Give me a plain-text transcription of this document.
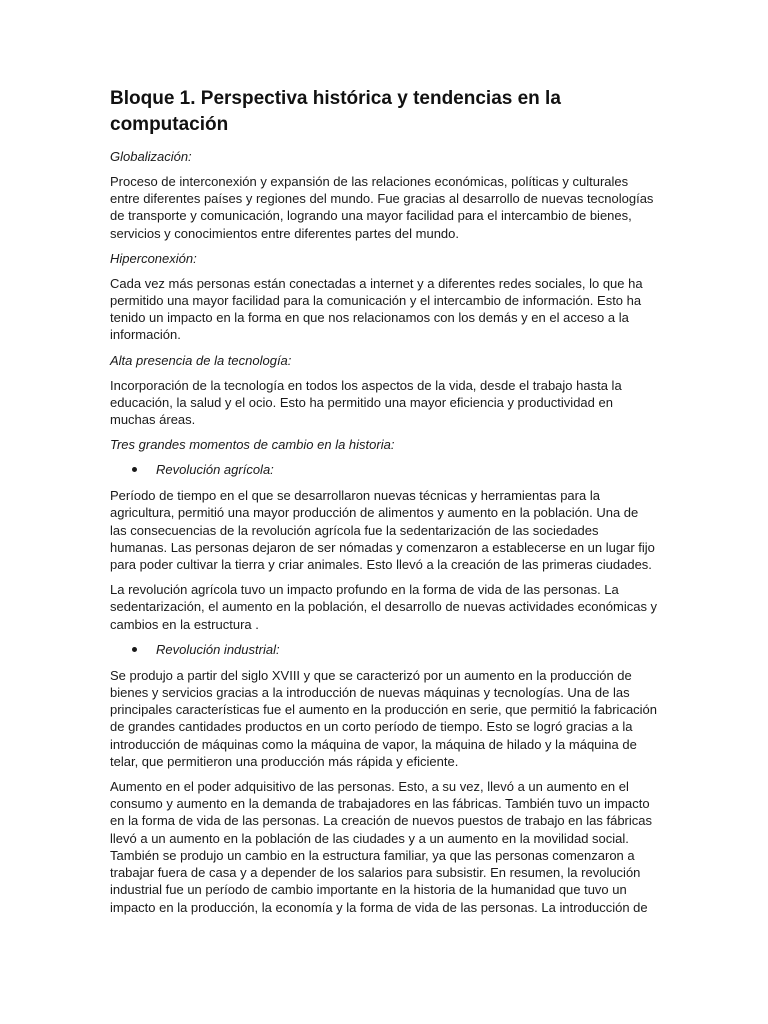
Bloque 1. Perspectiva histórica y tendencias en la computación

Globalización:

Proceso de interconexión y expansión de las relaciones económicas, políticas y culturales entre diferentes países y regiones del mundo. Fue gracias al desarrollo de nuevas tecnologías de transporte y comunicación, logrando una mayor facilidad para el intercambio de bienes, servicios y conocimientos entre diferentes partes del mundo.

Hiperconexión:

Cada vez más personas están conectadas a internet y a diferentes redes sociales, lo que ha permitido una mayor facilidad para la comunicación y el intercambio de información. Esto ha tenido un impacto en la forma en que nos relacionamos con los demás y en el acceso a la información.

Alta presencia de la tecnología:

Incorporación de la tecnología en todos los aspectos de la vida, desde el trabajo hasta la educación, la salud y el ocio. Esto ha permitido una mayor eficiencia y productividad en muchas áreas.

Tres grandes momentos de cambio en la historia:

Revolución agrícola:

Período de tiempo en el que se desarrollaron nuevas técnicas y herramientas para la agricultura, permitió una mayor producción de alimentos y aumento en la población. Una de las consecuencias de la revolución agrícola fue la sedentarización de las sociedades humanas. Las personas dejaron de ser nómadas y comenzaron a establecerse en un lugar fijo para poder cultivar la tierra y criar animales. Esto llevó a la creación de las primeras ciudades.

La revolución agrícola tuvo un impacto profundo en la forma de vida de las personas. La sedentarización, el aumento en la población, el desarrollo de nuevas actividades económicas y cambios en la estructura .

Revolución industrial:

Se produjo a partir del siglo XVIII y que se caracterizó por un aumento en la producción de bienes y servicios gracias a la introducción de nuevas máquinas y tecnologías. Una de las principales características fue el aumento en la producción en serie, que permitió la fabricación de grandes cantidades productos en un corto período de tiempo. Esto se logró gracias a la introducción de máquinas como la máquina de vapor, la máquina de hilado y la máquina de telar, que permitieron una producción más rápida y eficiente.

Aumento en el poder adquisitivo de las personas. Esto, a su vez, llevó a un aumento en el consumo y aumento en la demanda de trabajadores en las fábricas. También tuvo un impacto en la forma de vida de las personas. La creación de nuevos puestos de trabajo en las fábricas llevó a un aumento en la población de las ciudades y a un aumento en la movilidad social. También se produjo un cambio en la estructura familiar, ya que las personas comenzaron a trabajar fuera de casa y a depender de los salarios para subsistir. En resumen, la revolución industrial fue un período de cambio importante en la historia de la humanidad que tuvo un impacto en la producción, la economía y la forma de vida de las personas. La introducción de
